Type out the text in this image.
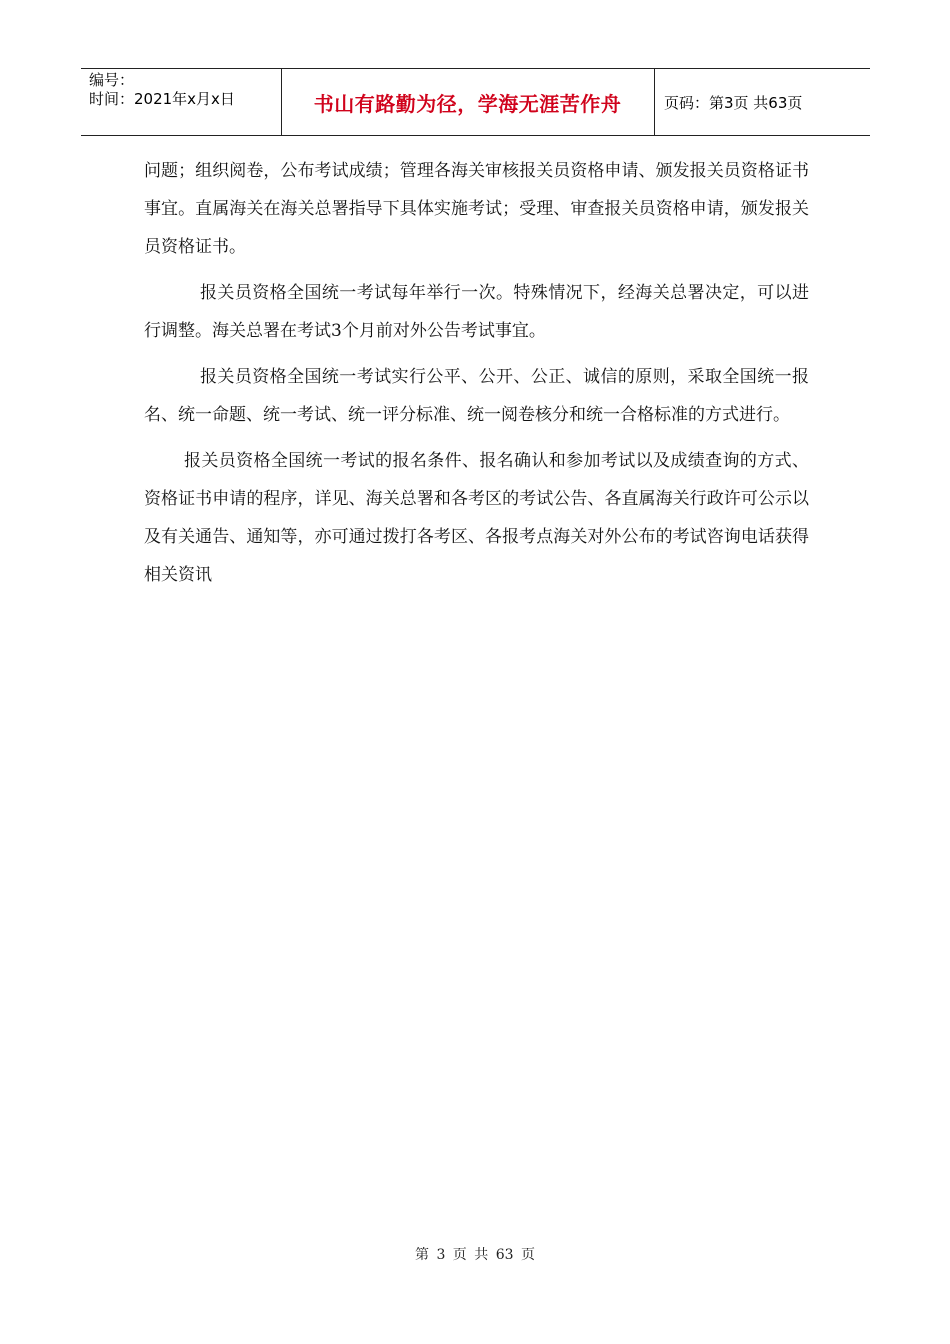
编号：
时间：2021年x月x日	书山有路勤为径，学海无涯苦作舟	页码：第3页 共63页

问题；组织阅卷，公布考试成绩；管理各海关审核报关员资格申请、颁发报关员资格证书事宜。直属海关在海关总署指导下具体实施考试；受理、审查报关员资格申请，颁发报关员资格证书。

报关员资格全国统一考试每年举行一次。特殊情况下，经海关总署决定，可以进行调整。海关总署在考试3个月前对外公告考试事宜。

报关员资格全国统一考试实行公平、公开、公正、诚信的原则，采取全国统一报名、统一命题、统一考试、统一评分标准、统一阅卷核分和统一合格标准的方式进行。

报关员资格全国统一考试的报名条件、报名确认和参加考试以及成绩查询的方式、资格证书申请的程序，详见、海关总署和各考区的考试公告、各直属海关行政许可公示以及有关通告、通知等，亦可通过拨打各考区、各报考点海关对外公布的考试咨询电话获得相关资讯

第 3 页 共 63 页
